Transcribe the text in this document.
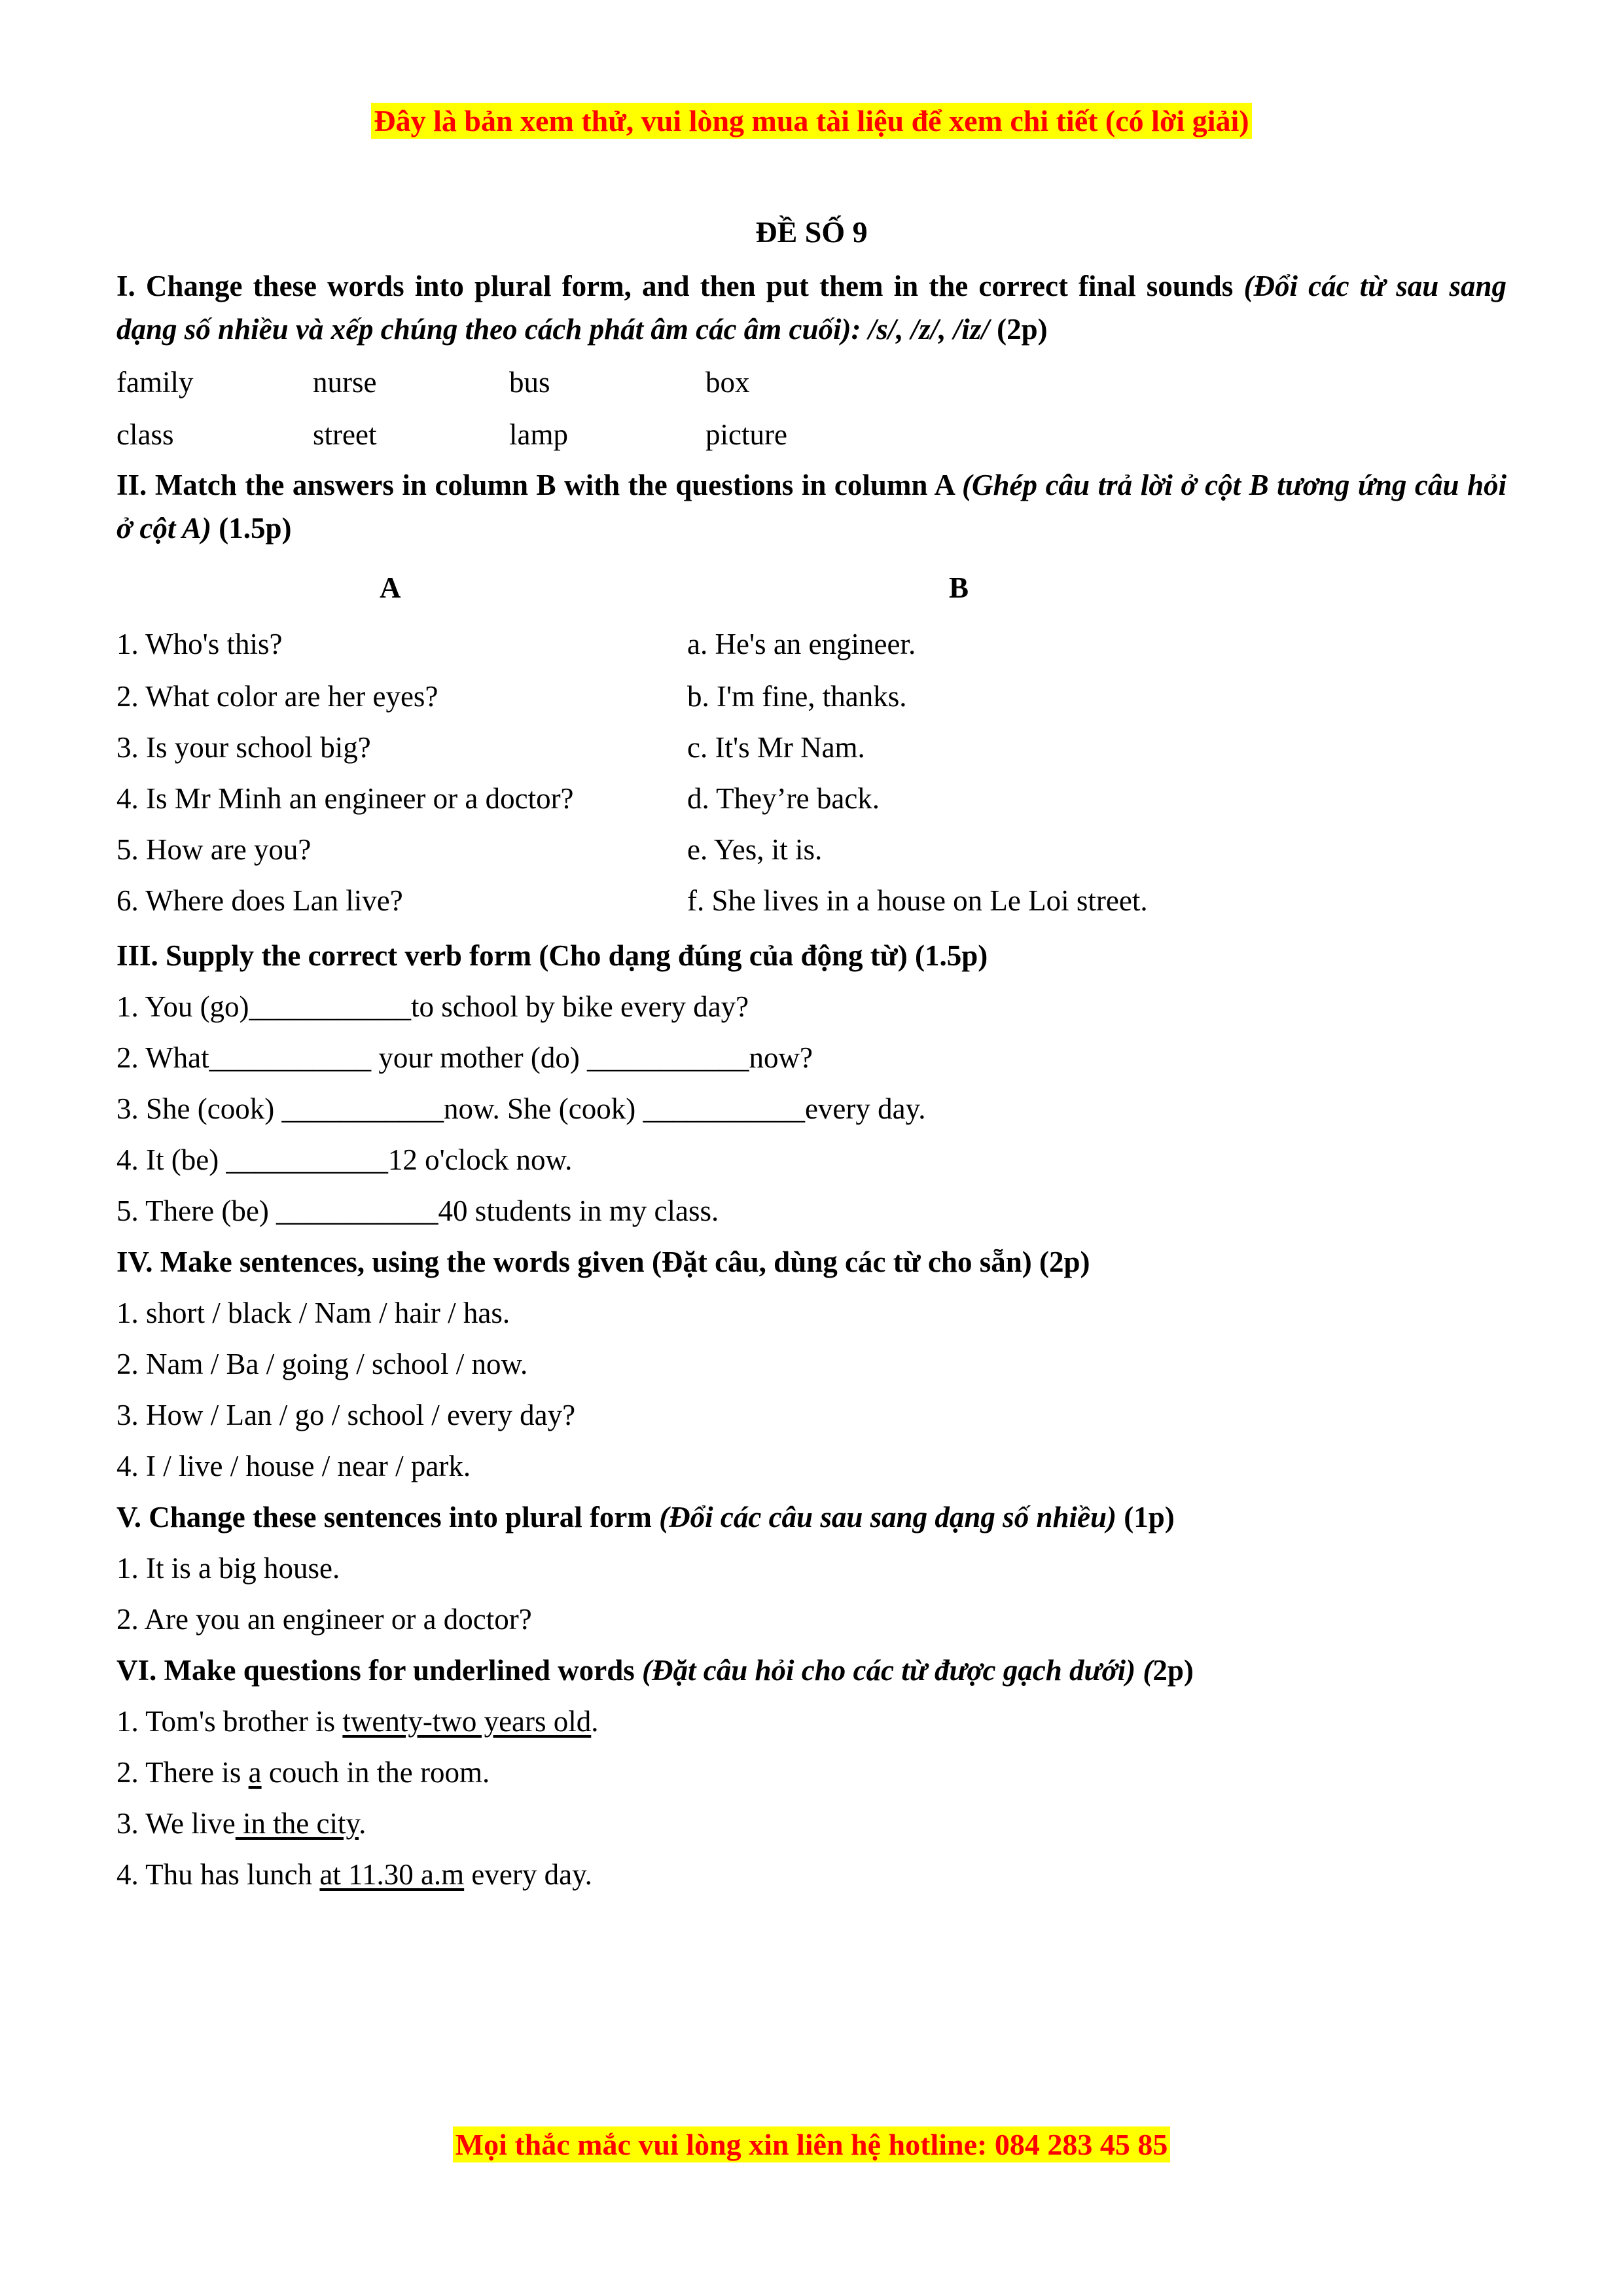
Đây là bản xem thử, vui lòng mua tài liệu để xem chi tiết (có lời giải)
ĐỀ SỐ 9
I. Change these words into plural form, and then put them in the correct final sounds (Đổi các từ sau sang dạng số nhiều và xếp chúng theo cách phát âm các âm cuối): /s/, /z/, /iz/ (2p)
family	nurse	bus	box
class	street	lamp	picture
II. Match the answers in column B with the questions in column A (Ghép câu trả lời ở cột B tương ứng câu hỏi ở cột A) (1.5p)
A	B
1. Who's this?	a. He's an engineer.
2. What color are her eyes?	b. I'm fine, thanks.
3. Is your school big?	c. It's Mr Nam.
4. Is Mr Minh an engineer or a doctor?	d. They’re back.
5. How are you?	e. Yes, it is.
6. Where does Lan live?	f. She lives in a house on Le Loi street.
III. Supply the correct verb form (Cho dạng đúng của động từ) (1.5p)
1. You (go)___________to school by bike every day?
2. What___________ your mother (do) ___________now?
3. She (cook) ___________now. She (cook) ___________every day.
4. It (be) ___________12 o'clock now.
5. There (be) ___________40 students in my class.
IV. Make sentences, using the words given (Đặt câu, dùng các từ cho sẵn) (2p)
1. short / black / Nam / hair / has.
2. Nam / Ba / going / school / now.
3. How / Lan / go / school / every day?
4. I / live / house / near / park.
V. Change these sentences into plural form (Đổi các câu sau sang dạng số nhiều) (1p)
1. It is a big house.
2. Are you an engineer or a doctor?
VI. Make questions for underlined words (Đặt câu hỏi cho các từ được gạch dưới) (2p)
1. Tom's brother is twenty-two years old.
2. There is a couch in the room.
3. We live in the city.
4. Thu has lunch at 11.30 a.m every day.
Mọi thắc mắc vui lòng xin liên hệ hotline: 084 283 45 85
